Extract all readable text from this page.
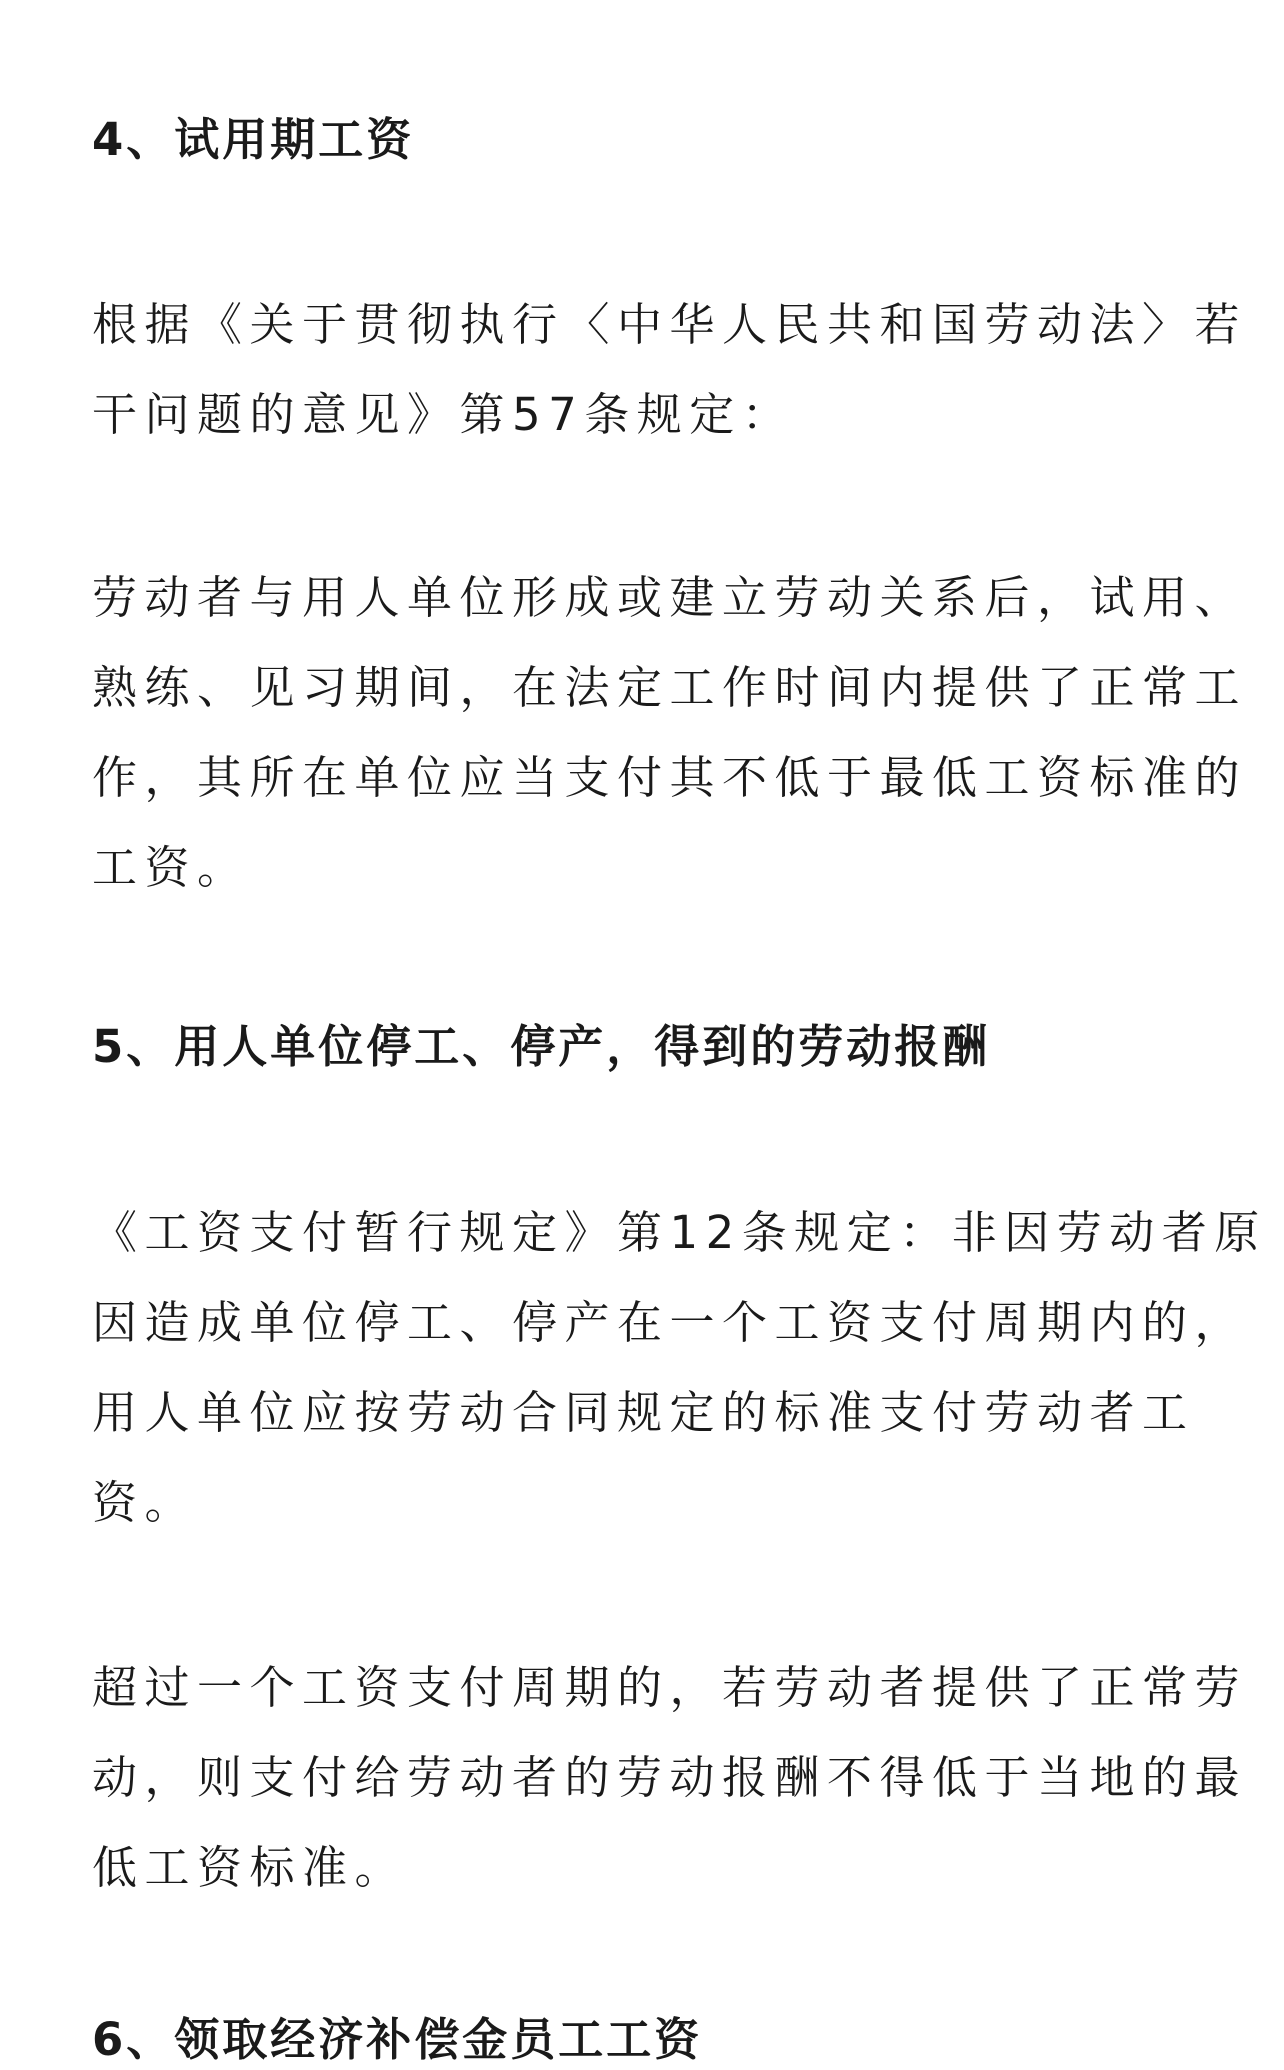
4、试用期工资

根据《关于贯彻执行〈中华人民共和国劳动法〉若
干问题的意见》第57条规定：

劳动者与用人单位形成或建立劳动关系后，试用、
熟练、见习期间，在法定工作时间内提供了正常工
作，其所在单位应当支付其不低于最低工资标准的
工资。

5、用人单位停工、停产，得到的劳动报酬

《工资支付暂行规定》第12条规定：非因劳动者原
因造成单位停工、停产在一个工资支付周期内的，
用人单位应按劳动合同规定的标准支付劳动者工
资。

超过一个工资支付周期的，若劳动者提供了正常劳
动，则支付给劳动者的劳动报酬不得低于当地的最
低工资标准。

6、领取经济补偿金员工工资
